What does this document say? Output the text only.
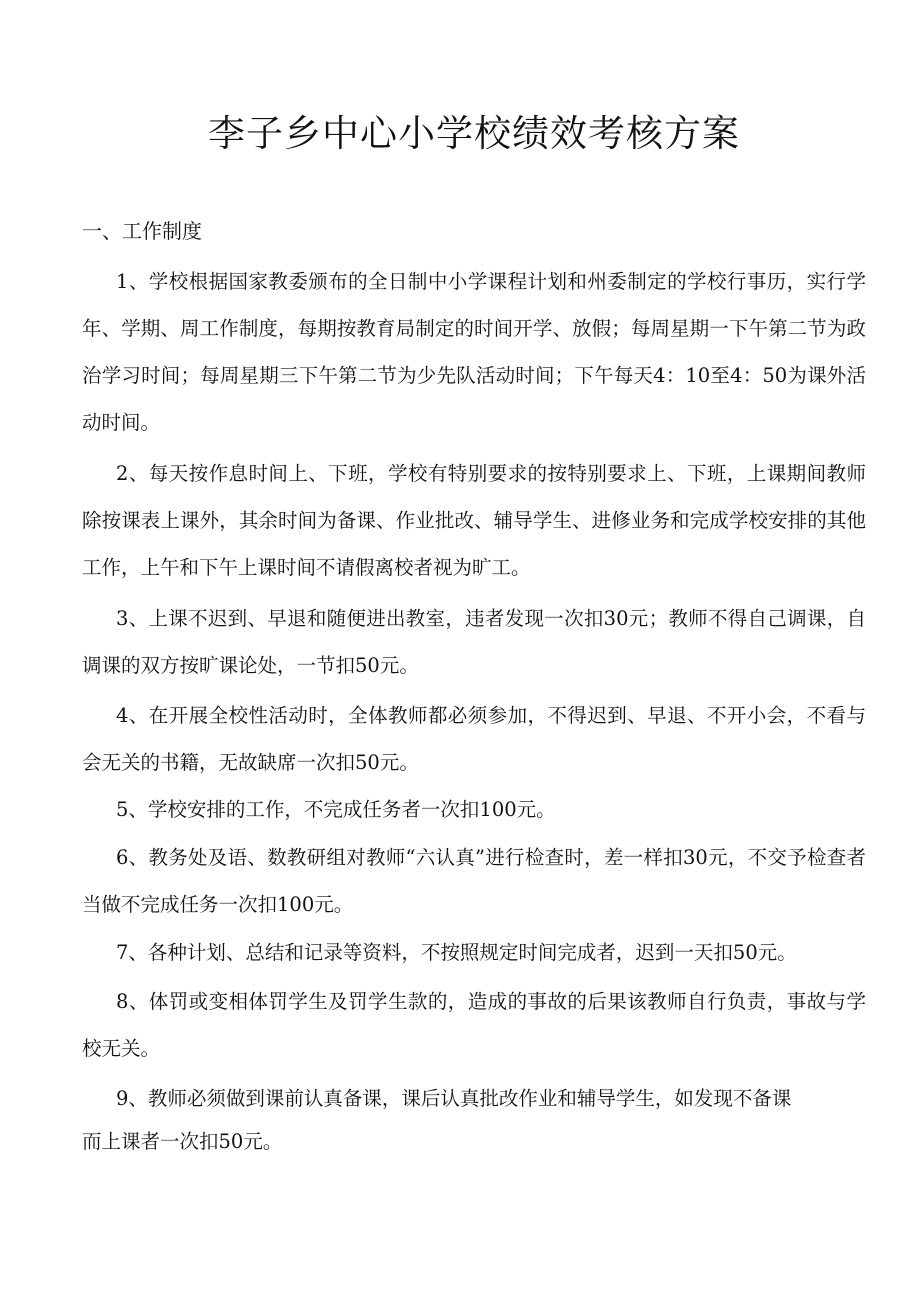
李子乡中心小学校绩效考核方案

一、工作制度

1、学校根据国家教委颁布的全日制中小学课程计划和州委制定的学校行事历，实行学年、学期、周工作制度，每期按教育局制定的时间开学、放假；每周星期一下午第二节为政治学习时间；每周星期三下午第二节为少先队活动时间；下午每天4：10至4：50为课外活动时间。

2、每天按作息时间上、下班，学校有特别要求的按特别要求上、下班，上课期间教师除按课表上课外，其余时间为备课、作业批改、辅导学生、进修业务和完成学校安排的其他工作，上午和下午上课时间不请假离校者视为旷工。

3、上课不迟到、早退和随便进出教室，违者发现一次扣30元；教师不得自己调课，自调课的双方按旷课论处，一节扣50元。

4、在开展全校性活动时，全体教师都必须参加，不得迟到、早退、不开小会，不看与会无关的书籍，无故缺席一次扣50元。

5、学校安排的工作，不完成任务者一次扣100元。

6、教务处及语、数教研组对教师“六认真”进行检查时，差一样扣30元，不交予检查者当做不完成任务一次扣100元。

7、各种计划、总结和记录等资料，不按照规定时间完成者，迟到一天扣50元。

8、体罚或变相体罚学生及罚学生款的，造成的事故的后果该教师自行负责，事故与学校无关。

9、教师必须做到课前认真备课，课后认真批改作业和辅导学生，如发现不备课

而上课者一次扣50元。
